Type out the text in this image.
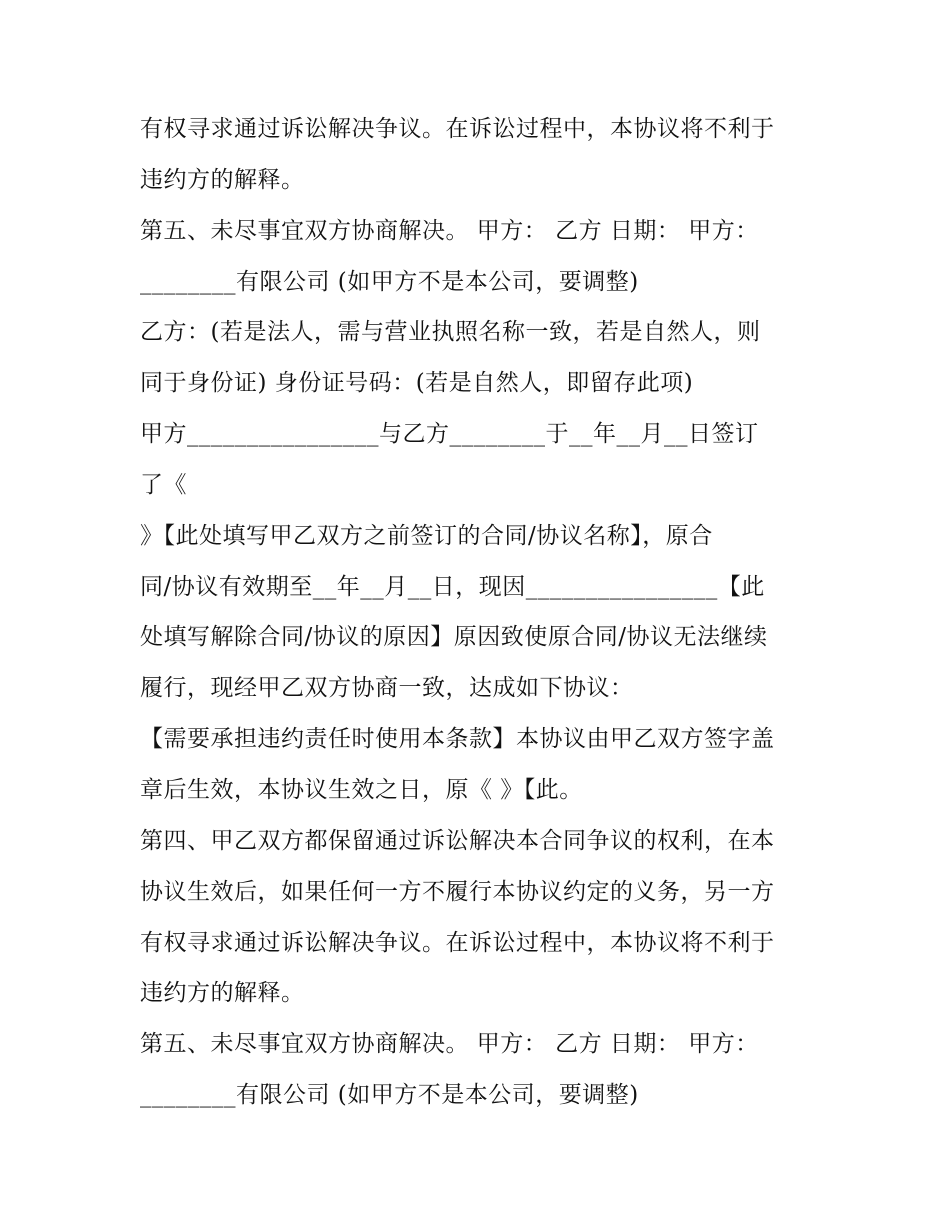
有权寻求通过诉讼解决争议。在诉讼过程中，本协议将不利于
违约方的解释。
第五、未尽事宜双方协商解决。 甲方： 乙方 日期： 甲方：
________有限公司 (如甲方不是本公司，要调整)
乙方：(若是法人，需与营业执照名称一致，若是自然人，则
同于身份证) 身份证号码：(若是自然人，即留存此项)
甲方________________与乙方________于__年__月__日签订
了《
》【此处填写甲乙双方之前签订的合同/协议名称】，原合
同/协议有效期至__年__月__日，现因________________【此
处填写解除合同/协议的原因】原因致使原合同/协议无法继续
履行，现经甲乙双方协商一致，达成如下协议：
【需要承担违约责任时使用本条款】本协议由甲乙双方签字盖
章后生效，本协议生效之日，原《 》【此。
第四、甲乙双方都保留通过诉讼解决本合同争议的权利，在本
协议生效后，如果任何一方不履行本协议约定的义务，另一方
有权寻求通过诉讼解决争议。在诉讼过程中，本协议将不利于
违约方的解释。
第五、未尽事宜双方协商解决。 甲方： 乙方 日期： 甲方：
________有限公司 (如甲方不是本公司，要调整)
